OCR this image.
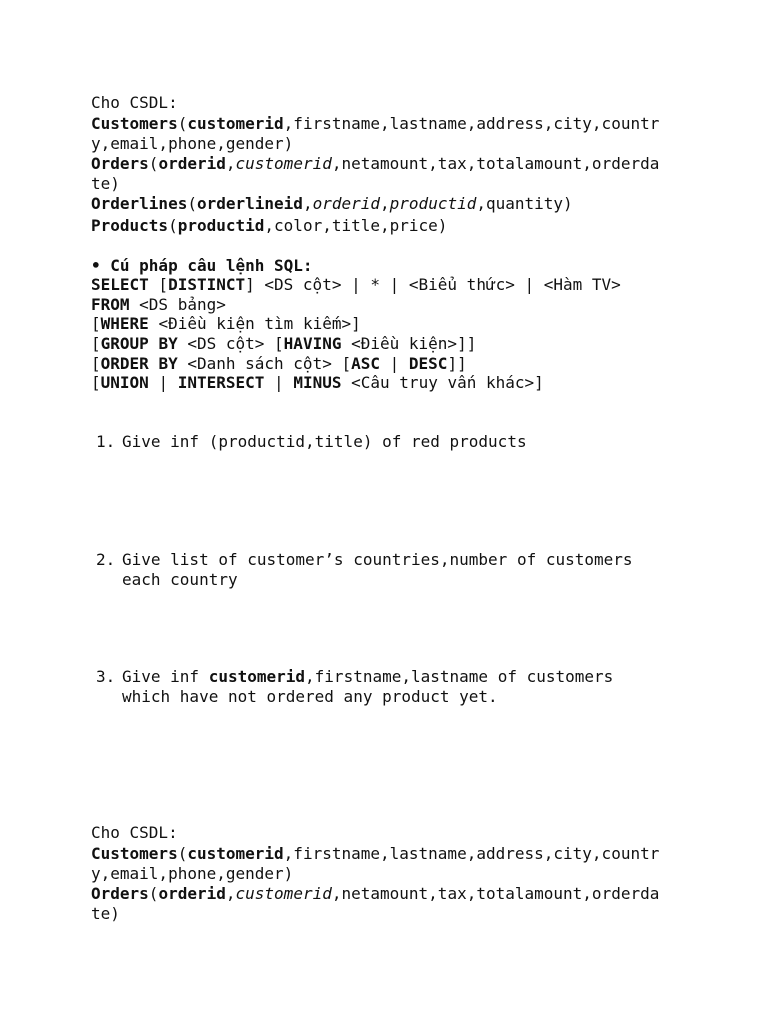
Cho CSDL:
Customers(customerid,firstname,lastname,address,city,countr
y,email,phone,gender)
Orders(orderid,customerid,netamount,tax,totalamount,orderda
te)
Orderlines(orderlineid,orderid,productid,quantity)
Products(productid,color,title,price)
• Cú pháp câu lệnh SQL:
SELECT [DISTINCT] <DS cột> | * | <Biểu thức> | <Hàm TV>
FROM <DS bảng>
[WHERE <Điều kiện tìm kiếm>]
[GROUP BY <DS cột> [HAVING <Điều kiện>]]
[ORDER BY <Danh sách cột> [ASC | DESC]]
[UNION | INTERSECT | MINUS <Câu truy vấn khác>]
1. Give inf (productid,title) of red products
2. Give list of customer’s countries,number of customers
each country
3. Give inf customerid,firstname,lastname of customers
which have not ordered any product yet.
Cho CSDL:
Customers(customerid,firstname,lastname,address,city,countr
y,email,phone,gender)
Orders(orderid,customerid,netamount,tax,totalamount,orderda
te)
